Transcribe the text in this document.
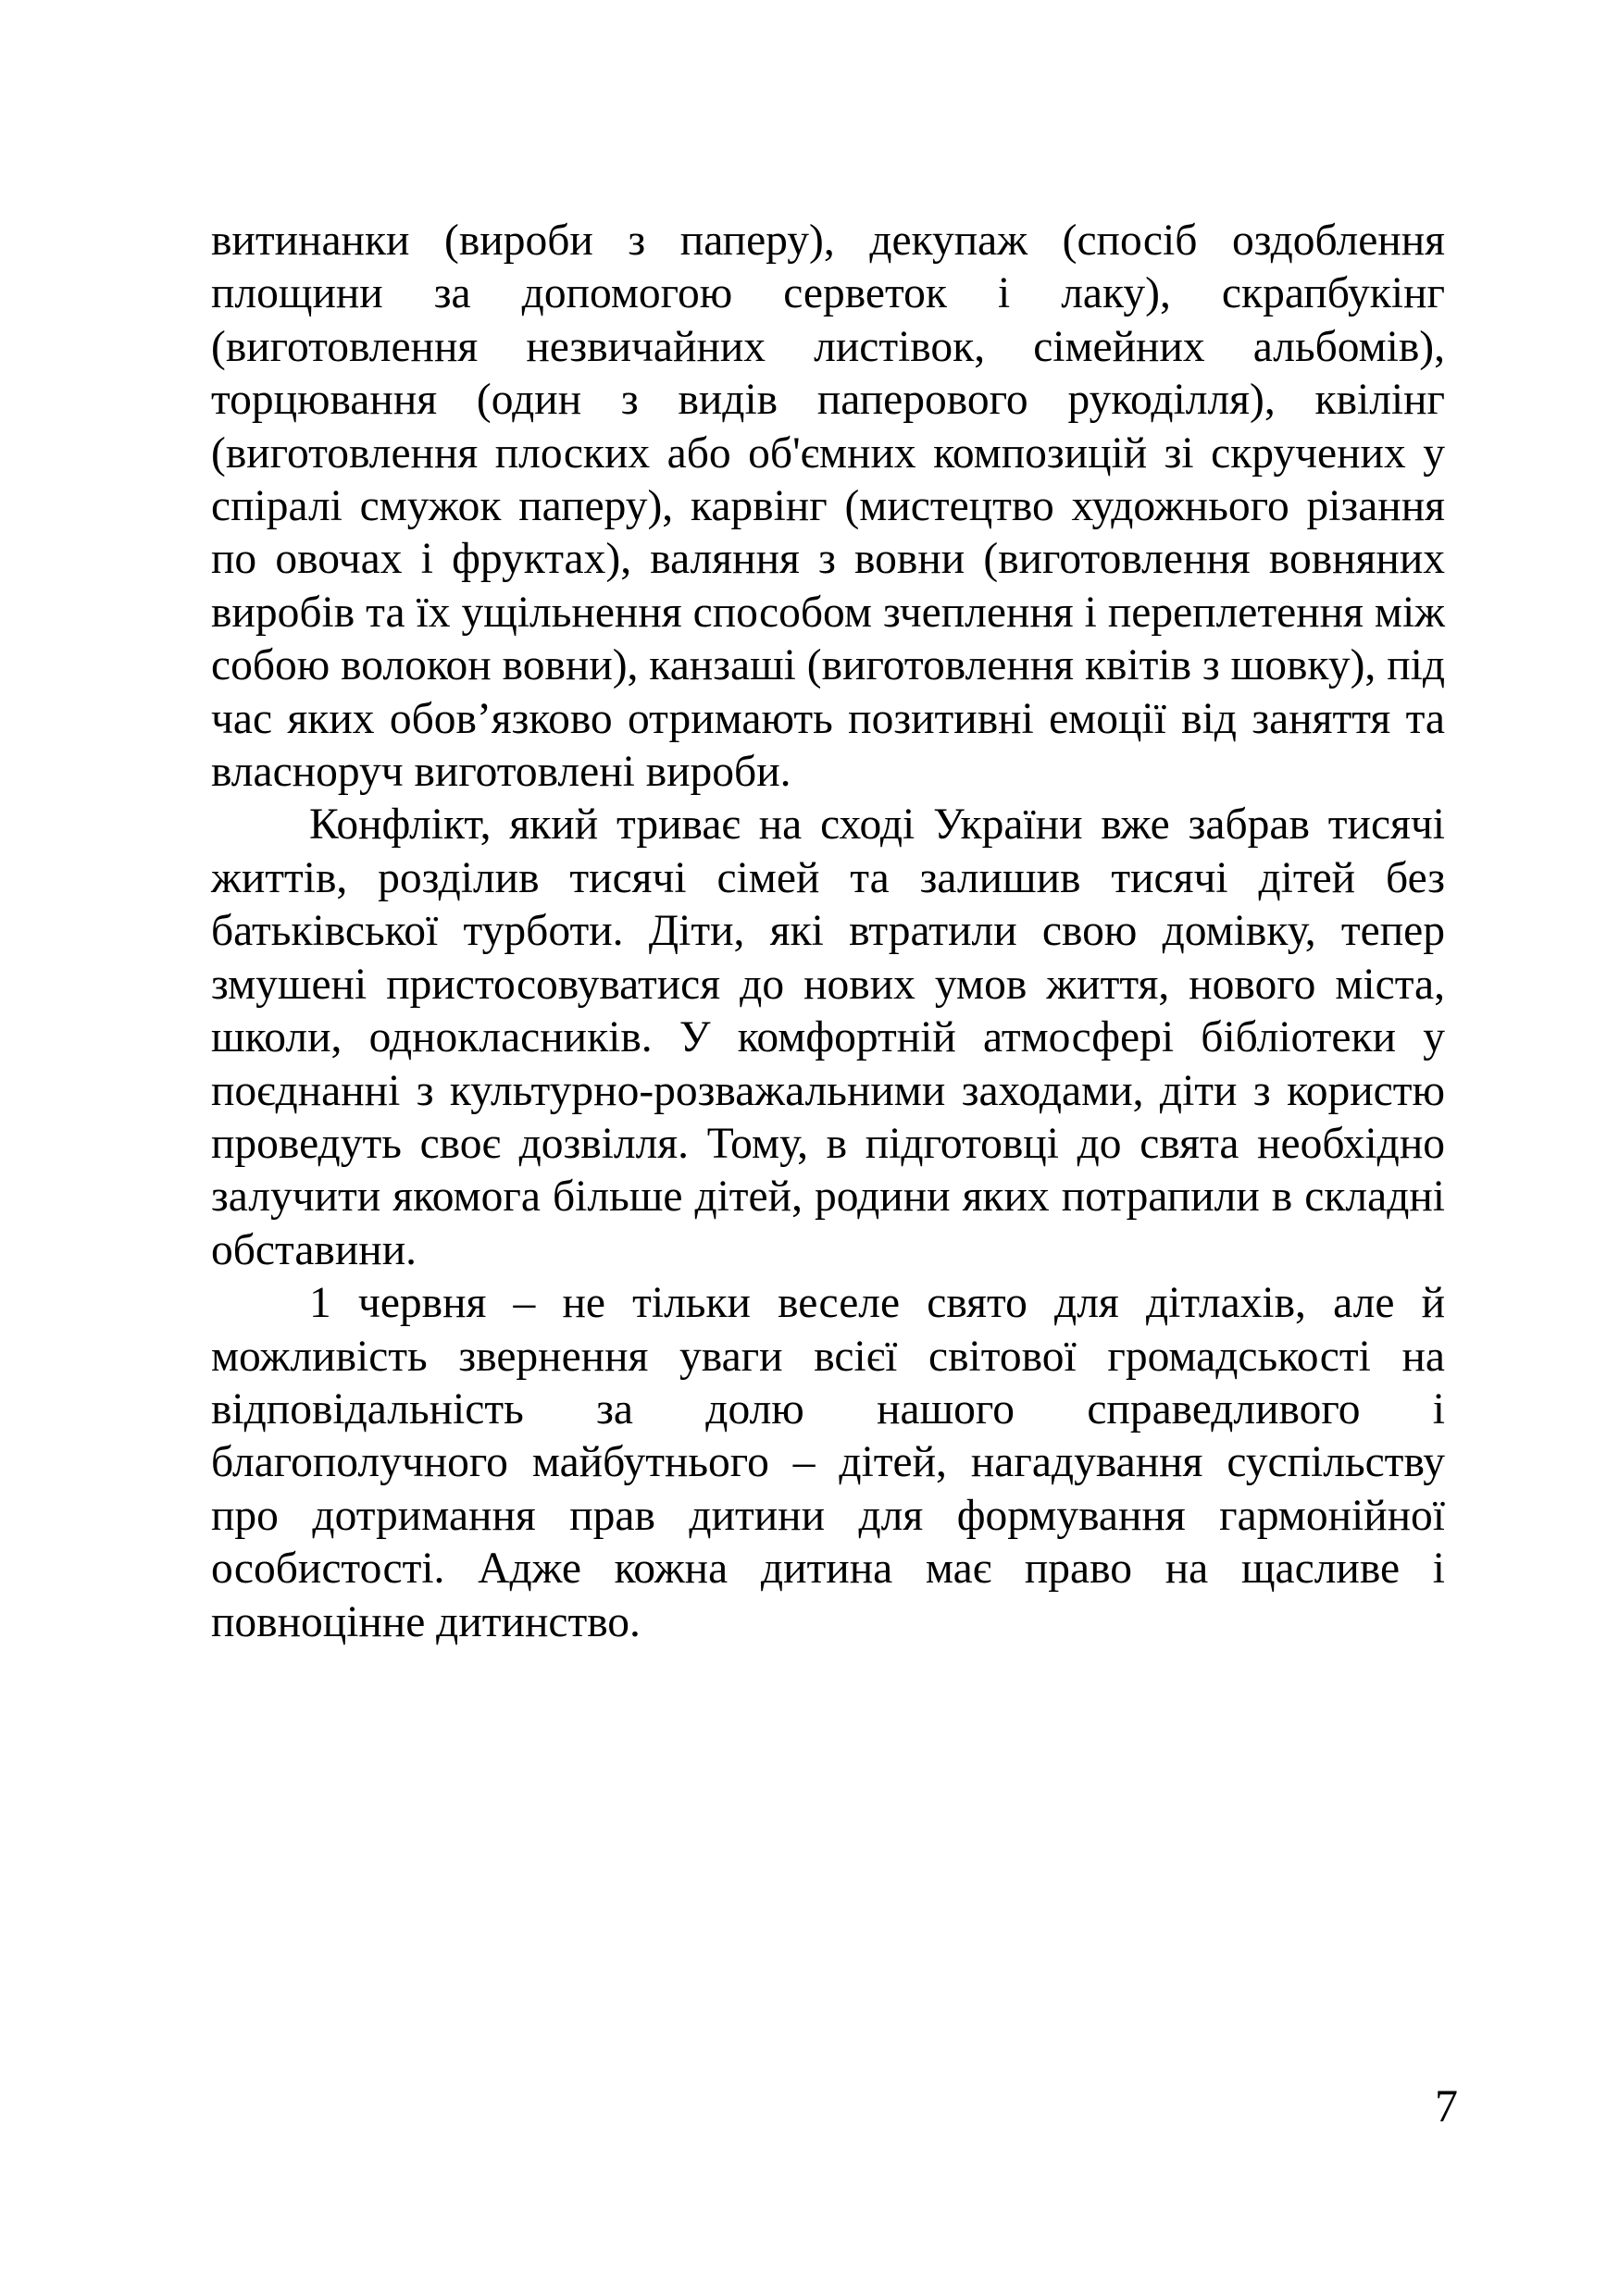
витинанки (вироби з паперу), декупаж (спосіб оздоблення площини за допомогою серветок і лаку), скрапбукінг (виготовлення незвичайних листівок, сімейних альбомів), торцювання (один з видів паперового рукоділля), квілінг (виготовлення плоских або об'ємних композицій зі скручених у спіралі смужок паперу), карвінг (мистецтво художнього різання по овочах і фруктах), валяння з вовни (виготовлення вовняних виробів та їх ущільнення способом зчеплення і переплетення між собою волокон вовни), канзаші (виготовлення квітів з шовку), під час яких обов’язково отримають позитивні емоції від заняття та власноруч виготовлені вироби.

Конфлікт, який триває на сході України вже забрав тисячі життів, розділив тисячі сімей та залишив тисячі дітей без батьківської турботи. Діти, які втратили свою домівку, тепер змушені пристосовуватися до нових умов життя, нового міста, школи, однокласників. У комфортній атмосфері бібліотеки у поєднанні з культурно-розважальними заходами, діти з користю проведуть своє дозвілля. Тому, в підготовці до свята необхідно залучити якомога більше дітей, родини яких потрапили в складні обставини.

1 червня – не тільки веселе свято для дітлахів, але й можливість звернення уваги всієї світової громадськості на відповідальність за долю нашого справедливого і благополучного майбутнього – дітей, нагадування суспільству про дотримання прав дитини для формування гармонійної особистості. Адже кожна дитина має право на щасливе і повноцінне дитинство.

7
